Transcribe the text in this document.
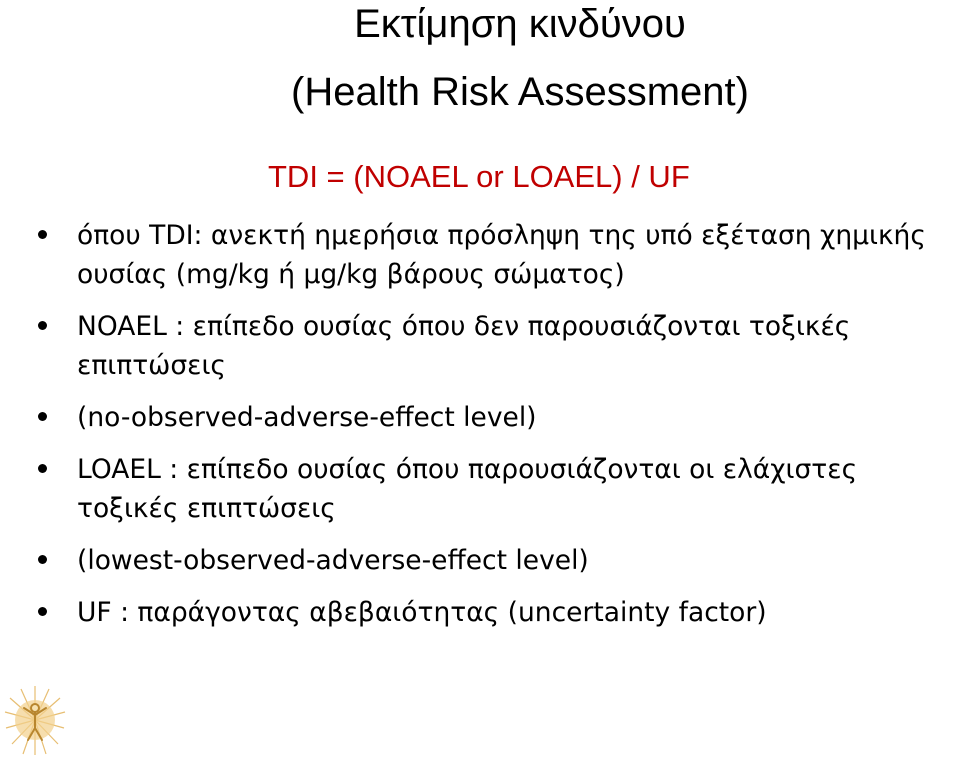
Εκτίμηση κινδύνου
(Health Risk Assessment)
TDI = (NOAEL or LOAEL) / UF
όπου TDI: ανεκτή ημερήσια πρόσληψη της υπό εξέταση χημικής ουσίας (mg/kg ή μg/kg βάρους σώματος)
NOAEL : επίπεδο ουσίας όπου δεν παρουσιάζονται τοξικές επιπτώσεις
(no-observed-adverse-effect level)
LOAEL : επίπεδο ουσίας όπου παρουσιάζονται οι ελάχιστες τοξικές επιπτώσεις
(lowest-observed-adverse-effect level)
UF : παράγοντας αβεβαιότητας (uncertainty factor)
